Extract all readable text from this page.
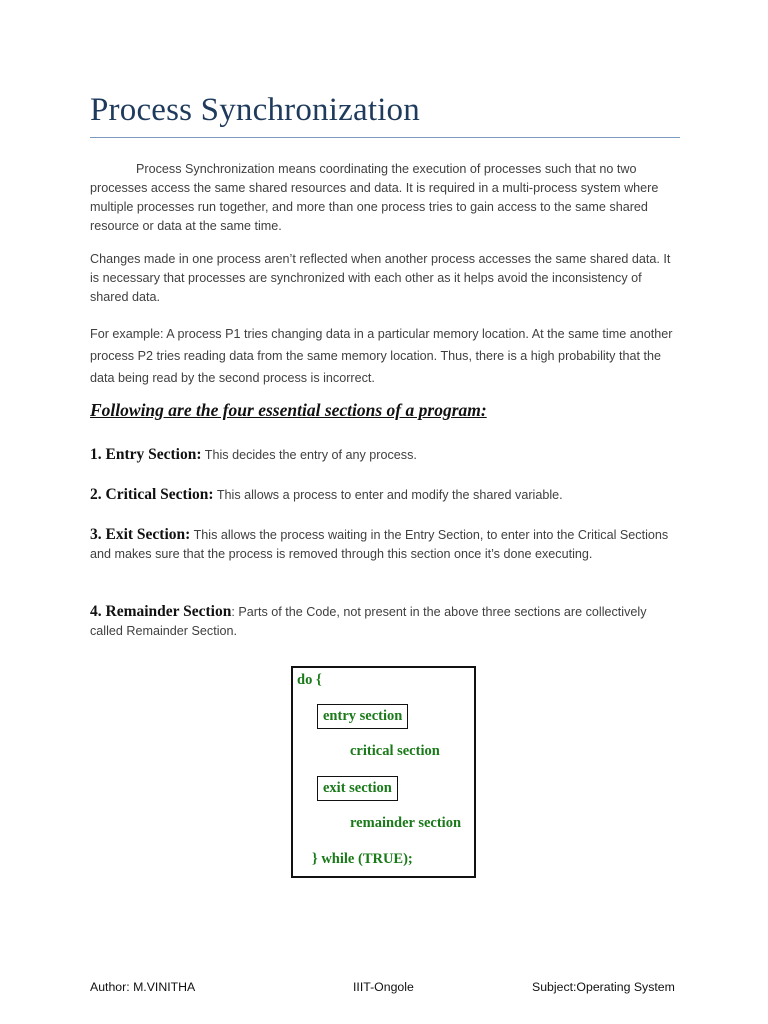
Process Synchronization

Process Synchronization means coordinating the execution of processes such that no two processes access the same shared resources and data. It is required in a multi-process system where multiple processes run together, and more than one process tries to gain access to the same shared resource or data at the same time.

Changes made in one process aren’t reflected when another process accesses the same shared data. It is necessary that processes are synchronized with each other as it helps avoid the inconsistency of shared data.

For example: A process P1 tries changing data in a particular memory location. At the same time another process P2 tries reading data from the same memory location. Thus, there is a high probability that the data being read by the second process is incorrect.

Following are the four essential sections of a program:

1. Entry Section: This decides the entry of any process.

2. Critical Section: This allows a process to enter and modify the shared variable.

3. Exit Section: This allows the process waiting in the Entry Section, to enter into the Critical Sections and makes sure that the process is removed through this section once it’s done executing.

4. Remainder Section: Parts of the Code, not present in the above three sections are collectively called Remainder Section.

do {
entry section
critical section
exit section
remainder section
} while (TRUE);
Author: M.VINITHA	IIIT-Ongole	Subject:Operating System
